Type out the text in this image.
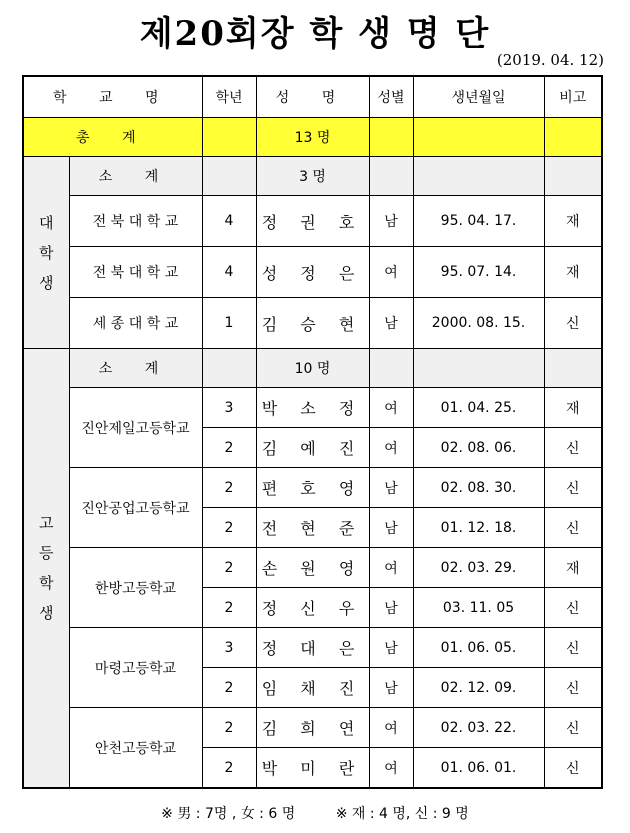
제20회장 학 생 명 단
(2019. 04. 12)
학 교 명		학년	성 명	성별	생년월일	비고
총 계			13 명			
대 학 생	소 계		3 명			
	전 북 대 학 교	4	정 권 호	남	95. 04. 17.	재
	전 북 대 학 교	4	성 정 은	여	95. 07. 14.	재
	세 종 대 학 교	1	김 승 현	남	2000. 08. 15.	신
고 등 학 생	소 계		10 명			
	진안제일고등학교	3	박 소 정	여	01. 04. 25.	재
		2	김 예 진	여	02. 08. 06.	신
	진안공업고등학교	2	편 호 영	남	02. 08. 30.	신
		2	전 현 준	남	01. 12. 18.	신
	한방고등학교	2	손 원 영	여	02. 03. 29.	재
		2	정 신 우	남	03. 11. 05	신
	마령고등학교	3	정 대 은	남	01. 06. 05.	신
		2	임 채 진	남	02. 12. 09.	신
	안천고등학교	2	김 희 연	여	02. 03. 22.	신
		2	박 미 란	여	01. 06. 01.	신
※ 男 : 7명 , 女 : 6 명	※ 재 : 4 명, 신 : 9 명
